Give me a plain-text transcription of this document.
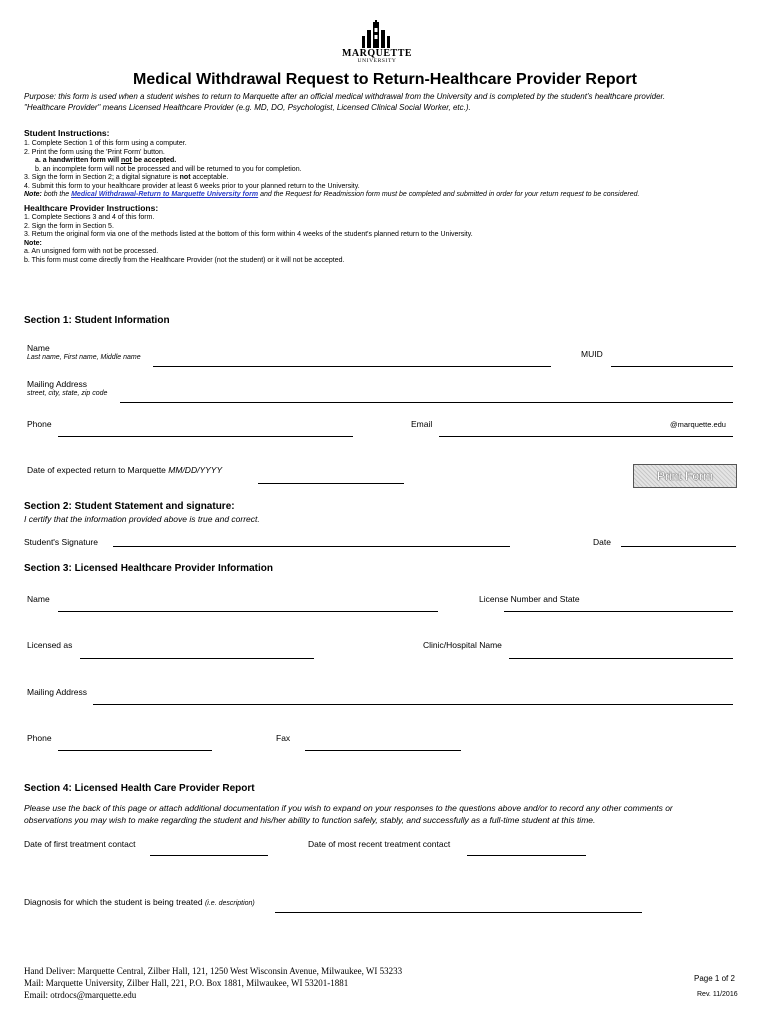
MARQUETTE
UNIVERSITY
Medical Withdrawal Request to Return-Healthcare Provider Report
Purpose: this form is used when a student wishes to return to Marquette after an official medical withdrawal from the University and is completed by the student's healthcare provider.
"Healthcare Provider" means Licensed Healthcare Provider (e.g. MD, DO, Psychologist, Licensed Clinical Social Worker, etc.).
Student Instructions:
1. Complete Section 1 of this form using a computer.
2. Print the form using the 'Print Form' button.
a. a handwritten form will not be accepted.
b. an incomplete form will not be processed and will be returned to you for completion.
3. Sign the form in Section 2; a digital signature is not acceptable.
4. Submit this form to your healthcare provider at least 6 weeks prior to your planned return to the University.
Note: both the Medical Withdrawal-Return to Marquette University form and the Request for Readmission form must be completed and submitted in order for your return request to be considered.
Healthcare Provider Instructions:
1. Complete Sections 3 and 4 of this form.
2. Sign the form in Section 5.
3. Return the original form via one of the methods listed at the bottom of this form within 4 weeks of the student's planned return to the University.
Note:
a. An unsigned form with not be processed.
b. This form must come directly from the Healthcare Provider (not the student) or it will not be accepted.
Section 1: Student Information
Name
Last name, First name, Middle name	MUID
Mailing Address
street, city, state, zip code
Phone	Email	@marquette.edu
Date of expected return to Marquette MM/DD/YYYY	Print Form
Section 2: Student Statement and signature:
I certify that the information provided above is true and correct.
Student's Signature	Date
Section 3: Licensed Healthcare Provider Information
Name	License Number and State
Licensed as	Clinic/Hospital Name
Mailing Address
Phone	Fax
Section 4: Licensed Health Care Provider Report
Please use the back of this page or attach additional documentation if you wish to expand on your responses to the questions above and/or to record any other comments or
observations you may wish to make regarding the student and his/her ability to function safely, stably, and successfully as a full-time student at this time.
Date of first treatment contact	Date of most recent treatment contact
Diagnosis for which the student is being treated (i.e. description)
Hand Deliver: Marquette Central, Zilber Hall, 121, 1250 West Wisconsin Avenue, Milwaukee, WI 53233
Mail: Marquette University, Zilber Hall, 221, P.O. Box 1881, Milwaukee, WI 53201-1881
Email: otrdocs@marquette.edu
Page 1 of 2
Rev. 11/2016
